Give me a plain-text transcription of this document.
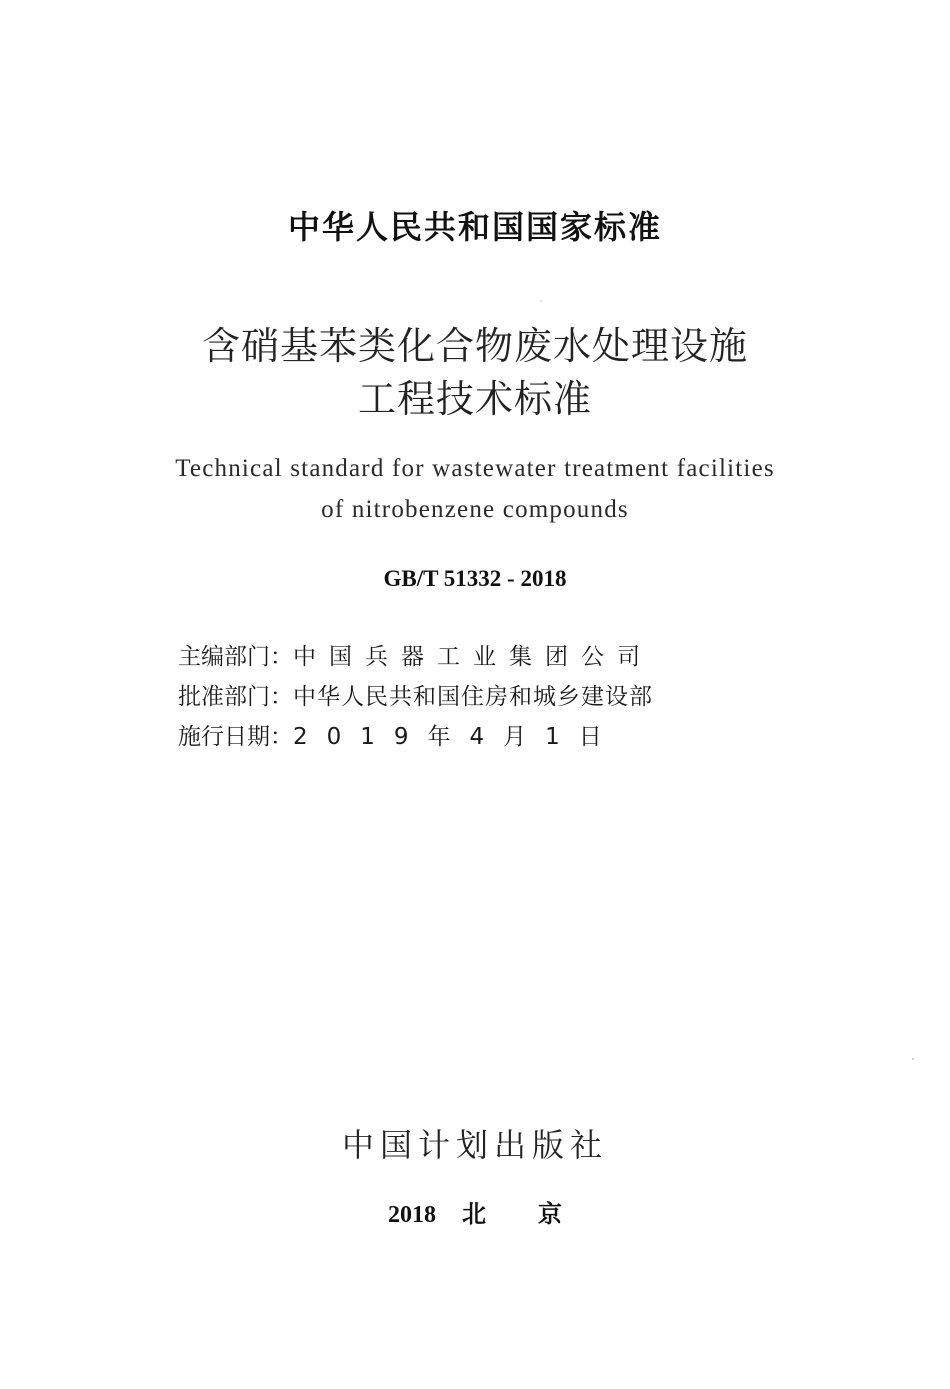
中华人民共和国国家标准
含硝基苯类化合物废水处理设施
工程技术标准
Technical standard for wastewater treatment facilities
of nitrobenzene compounds
GB/T 51332 - 2018
主编部门：中国兵器工业集团公司
批准部门：中华人民共和国住房和城乡建设部
施行日期：2019年4月1日
中国计划出版社
2018 北 京
